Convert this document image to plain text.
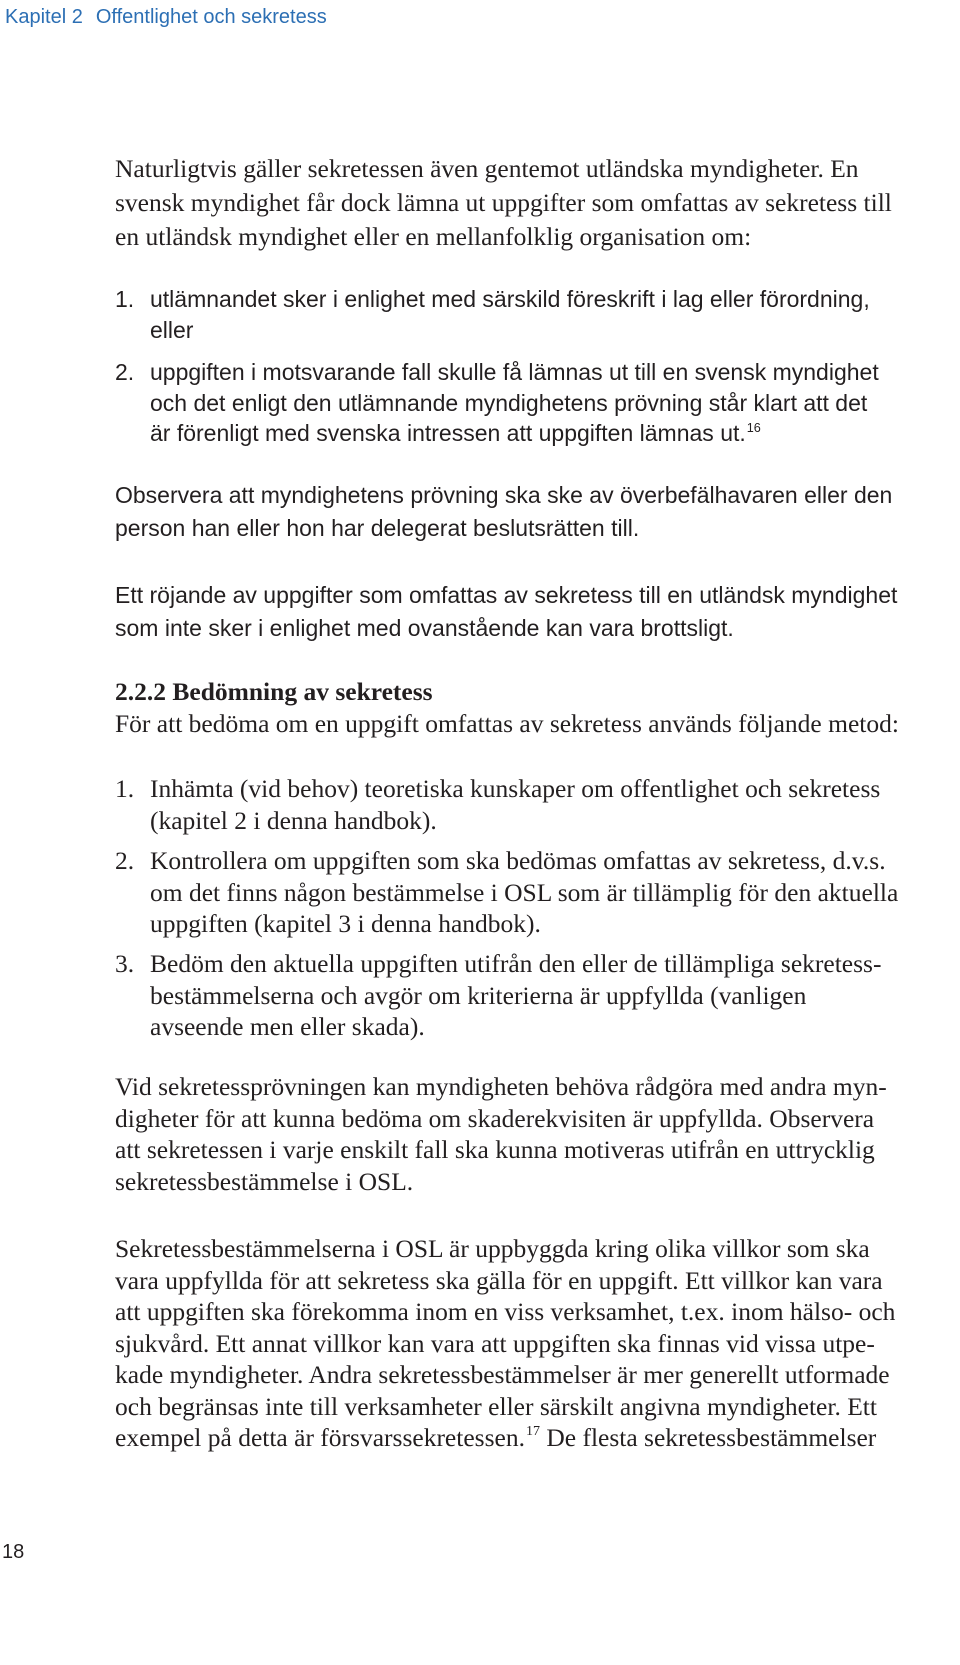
Kapitel 2 Offentlighet och sekretess
Naturligtvis gäller sekretessen även gentemot utländska myndigheter. En
svensk myndighet får dock lämna ut uppgifter som omfattas av sekretess till
en utländsk myndighet eller en mellanfolklig organisation om:
1. utlämnandet sker i enlighet med särskild föreskrift i lag eller förordning,
eller
2. uppgiften i motsvarande fall skulle få lämnas ut till en svensk myndighet
och det enligt den utlämnande myndighetens prövning står klart att det
är förenligt med svenska intressen att uppgiften lämnas ut.$^{16}$
Observera att myndighetens prövning ska ske av överbefälhavaren eller den
person han eller hon har delegerat beslutsrätten till.
Ett röjande av uppgifter som omfattas av sekretess till en utländsk myndighet
som inte sker i enlighet med ovanstående kan vara brottsligt.
2.2.2 Bedömning av sekretess
För att bedöma om en uppgift omfattas av sekretess används följande metod:
1. Inhämta (vid behov) teoretiska kunskaper om offentlighet och sekretess
(kapitel 2 i denna handbok).
2. Kontrollera om uppgiften som ska bedömas omfattas av sekretess, d.v.s.
om det finns någon bestämmelse i OSL som är tillämplig för den aktuella
uppgiften (kapitel 3 i denna handbok).
3. Bedöm den aktuella uppgiften utifrån den eller de tillämpliga sekretess-
bestämmelserna och avgör om kriterierna är uppfyllda (vanligen
avseende men eller skada).
Vid sekretessprövningen kan myndigheten behöva rådgöra med andra myn-
digheter för att kunna bedöma om skaderekvisiten är uppfyllda. Observera
att sekretessen i varje enskilt fall ska kunna motiveras utifrån en uttrycklig
sekretessbestämmelse i OSL.
Sekretessbestämmelserna i OSL är uppbyggda kring olika villkor som ska
vara uppfyllda för att sekretess ska gälla för en uppgift. Ett villkor kan vara
att uppgiften ska förekomma inom en viss verksamhet, t.ex. inom hälso- och
sjukvård. Ett annat villkor kan vara att uppgiften ska finnas vid vissa utpe-
kade myndigheter. Andra sekretessbestämmelser är mer generellt utformade
och begränsas inte till verksamheter eller särskilt angivna myndigheter. Ett
exempel på detta är försvarssekretessen.$^{17}$ De flesta sekretessbestämmelser
18
